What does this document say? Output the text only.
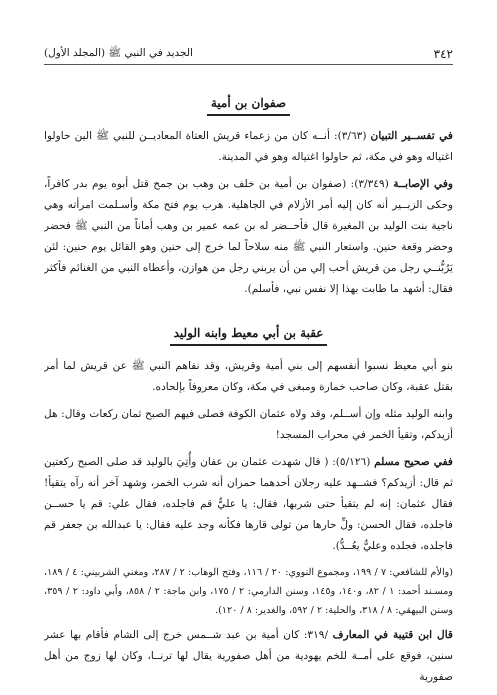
٣٤٢
الجديد في النبي ﷺ (المجلد الأول)
صفوان بن أمية

في تفســير التبيان (٣/٦٣): أنــه كان من زعماء قريش العتاة المعاديــن للنبي ﷺ الين حاولوا اغتياله وهو في مكة، ثم حاولوا اغتياله وهو في المدينة.

وفي الإصابــة (٣/٣٤٩): (صفوان بن أمية بن خلف بن وهب بن جمح قتل أبوه يوم بدر كافراً، وحكى الزبــير أنه كان إليه أمر الأزلام في الجاهلية. هرب يوم فتح مكة وأسـلمت امرأته وهي ناجية بنت الوليد بن المغيرة قال فأحــضر له بن عمه عمير بن وهب أماناً من النبي ﷺ فحضر وحضر وقعة حنين. واستعار النبي ﷺ منه سلاحاً لما خرج إلى حنين وهو القائل يوم حنين: لئن يَرُبُّنــي رجل من قريش أحب إلي من أن يربني رجل من هوازن، وأعطاه النبي من الغنائم فأكثر فقال: أشهد ما طابت بهذا إلا نفس نبي، فأسلم).

عقبة بن أبي معيط وابنه الوليد

بنو أبي معيط نسبوا أنفسهم إلى بني أمية وقريش، وقد نفاهم النبي ﷺ عن قريش لما أمر بقتل عقبة، وكان صاحب خمارة ومبغى في مكة، وكان معروفاً بإلحاده.

وابنه الوليد مثله وإن أســلم، وقد ولاه عثمان الكوفة فصلى فيهم الصبح ثمان ركعات وقال: هل أزيدكم، وتقيأ الخمر في محراب المسجد!

ففي صحيح مسلم (٥/١٢٦): ( قال شهدت عثمان بن عفان وأُتِيَ بالوليد قد صلى الصبح ركعتين ثم قال: أزيدكم؟ فشــهد عليه رجلان أحدهما حمران أنه شرب الخمر، وشهد آخر أنه رآه يتقيأ! فقال عثمان: إنه لم يتقيأ حتى شربها، فقال: يا عليُّ قم فاجلده، فقال علي: قم يا حســن فاجلده، فقال الحسن: ولِّ حارها من تولى قارها فكأنه وجد عليه فقال: يا عبدالله بن جعفر قم فاجلده، فجلده وعليٌّ يعُــدُّ).

(والأم للشافعي: ٧ / ١٩٩، ومجموع النووي: ٢٠ / ١١٦، وفتح الوهاب: ٢ / ٢٨٧، ومغني الشربيني: ٤ / ١٨٩، ومسـند أحمد: ١ / ٨٢، و١٤٠، و١٤٥، وسنن الدارمي: ٢ / ١٧٥، وابن ماجة: ٢ / ٨٥٨، وأبي داود: ٢ / ٣٥٩، وسنن البيهقي: ٨ / ٣١٨، والحلية: ٢ / ٥٩٢، والغدير: ٨ / ١٢٠).

قال ابن قتيبة في المعارف /٣١٩: كان أمية بن عبد شــمس خرج إلى الشام فأقام بها عشر سنين، فوقع على أمــة للخم يهودية من أهل صفورية يقال لها ترنــا، وكان لها زوج من أهل صفورية
